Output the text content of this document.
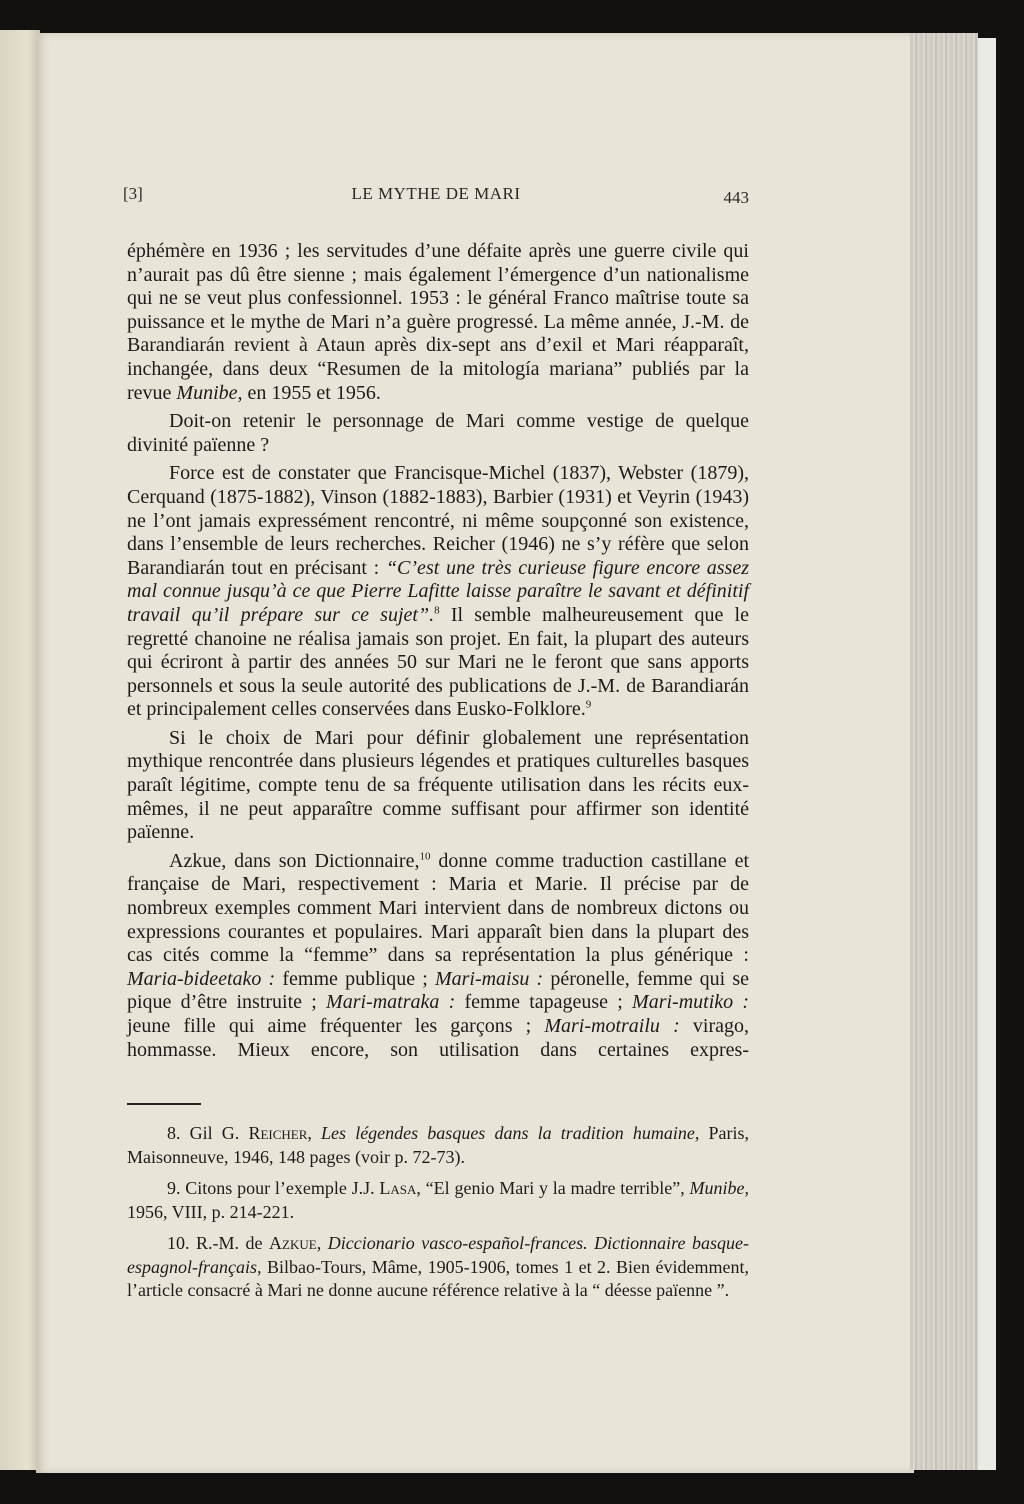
[3]	LE MYTHE DE MARI	443

éphémère en 1936 ; les servitudes d’une défaite après une guerre civile qui n’aurait pas dû être sienne ; mais également l’émergence d’un nationalisme qui ne se veut plus confessionnel. 1953 : le général Franco maîtrise toute sa puissance et le mythe de Mari n’a guère progressé. La même année, J.-M. de Barandiarán revient à Ataun après dix-sept ans d’exil et Mari réapparaît, inchangée, dans deux “Resumen de la mitología mariana” publiés par la revue Munibe, en 1955 et 1956.

Doit-on retenir le personnage de Mari comme vestige de quelque divinité païenne ?

Force est de constater que Francisque-Michel (1837), Webster (1879), Cerquand (1875-1882), Vinson (1882-1883), Barbier (1931) et Veyrin (1943) ne l’ont jamais expressément rencontré, ni même soupçonné son existence, dans l’ensemble de leurs recherches. Reicher (1946) ne s’y réfère que selon Barandiarán tout en précisant : “C’est une très curieuse figure encore assez mal connue jusqu’à ce que Pierre Lafitte laisse paraître le savant et définitif travail qu’il prépare sur ce sujet”.$^8$ Il semble malheureusement que le regretté chanoine ne réalisa jamais son projet. En fait, la plupart des auteurs qui écriront à partir des années 50 sur Mari ne le feront que sans apports personnels et sous la seule autorité des publications de J.-M. de Barandiarán et principalement celles conservées dans Eusko-Folklore.$^9$

Si le choix de Mari pour définir globalement une représentation mythique rencontrée dans plusieurs légendes et pratiques culturelles basques paraît légitime, compte tenu de sa fréquente utilisation dans les récits eux-mêmes, il ne peut apparaître comme suffisant pour affirmer son identité païenne.

Azkue, dans son Dictionnaire,$^{10}$ donne comme traduction castillane et française de Mari, respectivement : Maria et Marie. Il précise par de nombreux exemples comment Mari intervient dans de nombreux dictons ou expressions courantes et populaires. Mari apparaît bien dans la plupart des cas cités comme la “femme” dans sa représentation la plus générique : Maria-bideetako : femme publique ; Mari-maisu : péronelle, femme qui se pique d’être instruite ; Mari-matraka : femme tapageuse ; Mari-mutiko : jeune fille qui aime fréquenter les garçons ; Mari-motrailu : virago, hommasse. Mieux encore, son utilisation dans certaines expres-

8. Gil G. Reicher, Les légendes basques dans la tradition humaine, Paris, Maisonneuve, 1946, 148 pages (voir p. 72-73).

9. Citons pour l’exemple J.J. Lasa, “El genio Mari y la madre terrible”, Munibe, 1956, VIII, p. 214-221.

10. R.-M. de Azkue, Diccionario vasco-español-frances. Dictionnaire basque-espagnol-français, Bilbao-Tours, Mâme, 1905-1906, tomes 1 et 2. Bien évidemment, l’article consacré à Mari ne donne aucune référence relative à la “ déesse païenne ”.
